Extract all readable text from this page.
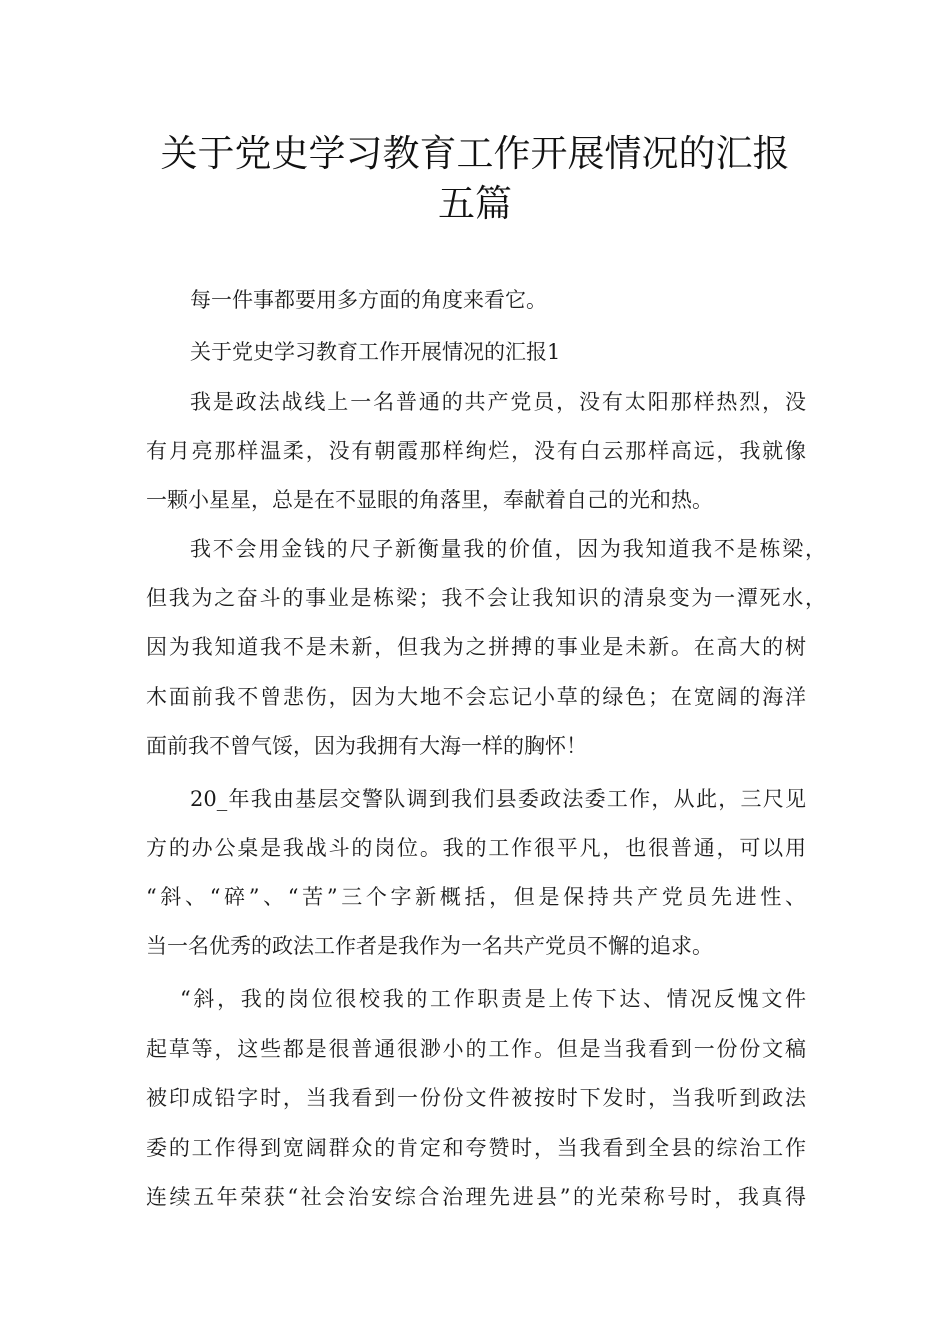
关于党史学习教育工作开展情况的汇报
五篇
每一件事都要用多方面的角度来看它。
关于党史学习教育工作开展情况的汇报1
我是政法战线上一名普通的共产党员，没有太阳那样热烈，没
有月亮那样温柔，没有朝霞那样绚烂，没有白云那样高远，我就像
一颗小星星，总是在不显眼的角落里，奉献着自己的光和热。
我不会用金钱的尺子新衡量我的价值，因为我知道我不是栋梁，
但我为之奋斗的事业是栋梁；我不会让我知识的清泉变为一潭死水，
因为我知道我不是未新，但我为之拼搏的事业是未新。在高大的树
木面前我不曾悲伤，因为大地不会忘记小草的绿色；在宽阔的海洋
面前我不曾气馁，因为我拥有大海一样的胸怀！
20_年我由基层交警队调到我们县委政法委工作，从此，三尺见
方的办公桌是我战斗的岗位。我的工作很平凡，也很普通，可以用
“斜、“碎”、“苦”三个字新概括，但是保持共产党员先进性、
当一名优秀的政法工作者是我作为一名共产党员不懈的追求。
“斜，我的岗位很校我的工作职责是上传下达、情况反愧文件
起草等，这些都是很普通很渺小的工作。但是当我看到一份份文稿
被印成铅字时，当我看到一份份文件被按时下发时，当我听到政法
委的工作得到宽阔群众的肯定和夸赞时，当我看到全县的综治工作
连续五年荣获“社会治安综合治理先进县”的光荣称号时，我真得
